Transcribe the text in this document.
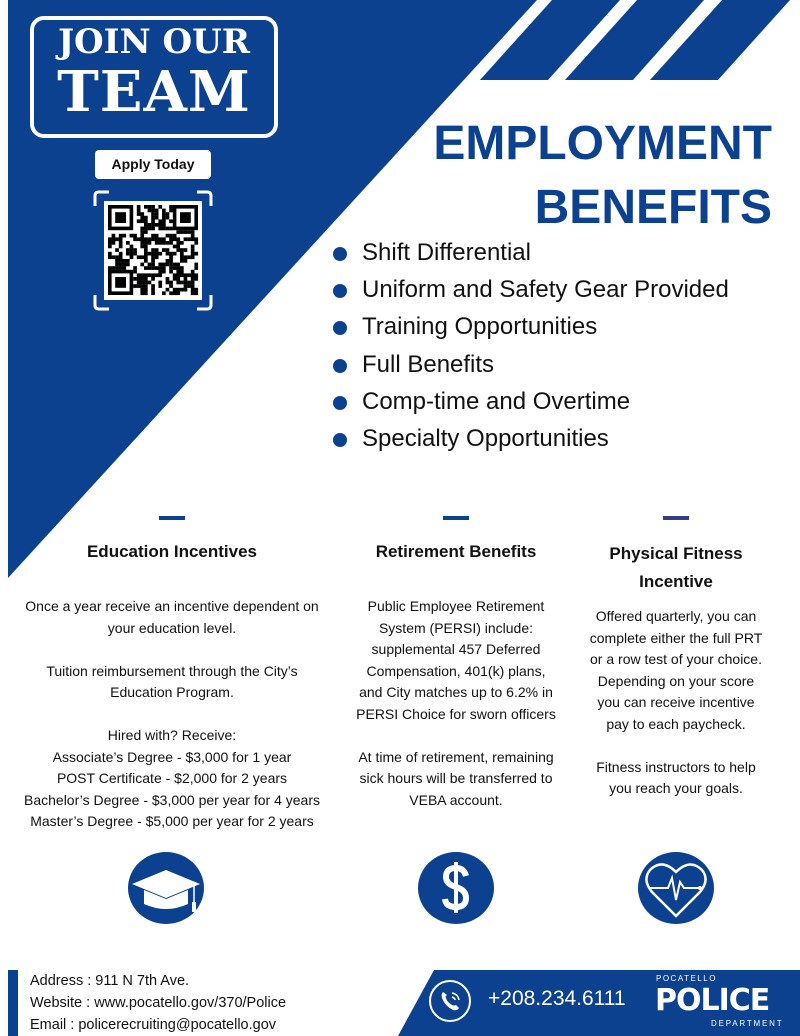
JOIN OUR
TEAM
Apply Today	EMPLOYMENT
BENEFITS
Shift Differential
Uniform and Safety Gear Provided
Training Opportunities
Full Benefits
Comp-time and Overtime
Specialty Opportunities
Education Incentives

Once a year receive an incentive dependent on

your education level.

Tuition reimbursement through the City’s

Education Program.

Hired with? Receive:

Associate’s Degree - $3,000 for 1 year

POST Certificate - $2,000 for 2 years

Bachelor’s Degree - $3,000 per year for 4 years

Master’s Degree - $5,000 per year for 2 years

Retirement Benefits

Public Employee Retirement

System (PERSI) include:

supplemental 457 Deferred

Compensation, 401(k) plans,

and City matches up to 6.2% in

PERSI Choice for sworn officers

At time of retirement, remaining

sick hours will be transferred to

VEBA account.

Physical Fitness
Incentive

Offered quarterly, you can

complete either the full PRT

or a row test of your choice.

Depending on your score

you can receive incentive

pay to each paycheck.

Fitness instructors to help

you reach your goals.

Address : 911 N 7th Ave.
Website : www.pocatello.gov/370/Police
Email : policerecruiting@pocatello.gov
+208.234.6111
POCATELLO
POLICE
DEPARTMENT
